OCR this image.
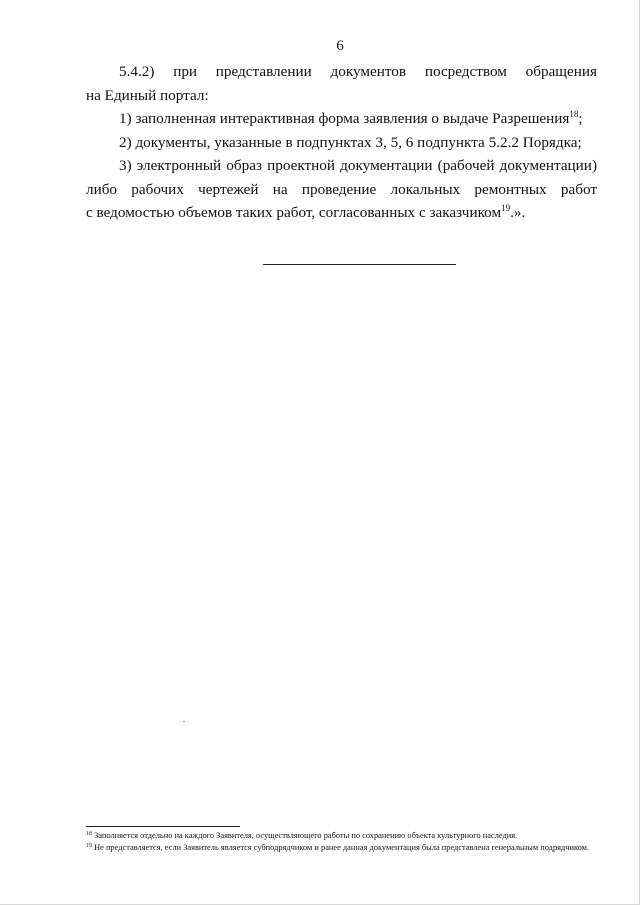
6
5.4.2) при представлении документов посредством обращения
на Единый портал:

1) заполненная интерактивная форма заявления о выдаче Разрешения$^{18}$;

2) документы, указанные в подпунктах 3, 5, 6 подпункта 5.2.2 Порядка;

3) электронный образ проектной документации (рабочей документации)
либо рабочих чертежей на проведение локальных ремонтных работ
с ведомостью объемов таких работ, согласованных с заказчиком$^{19}$.».

$^{18}$ Заполняется отдельно на каждого Заявителя, осуществляющего работы по сохранению объекта культурного наследия.

$^{19}$ Не представляется, если Заявитель является субподрядчиком и ранее данная документация была представлена генеральным подрядчиком.
